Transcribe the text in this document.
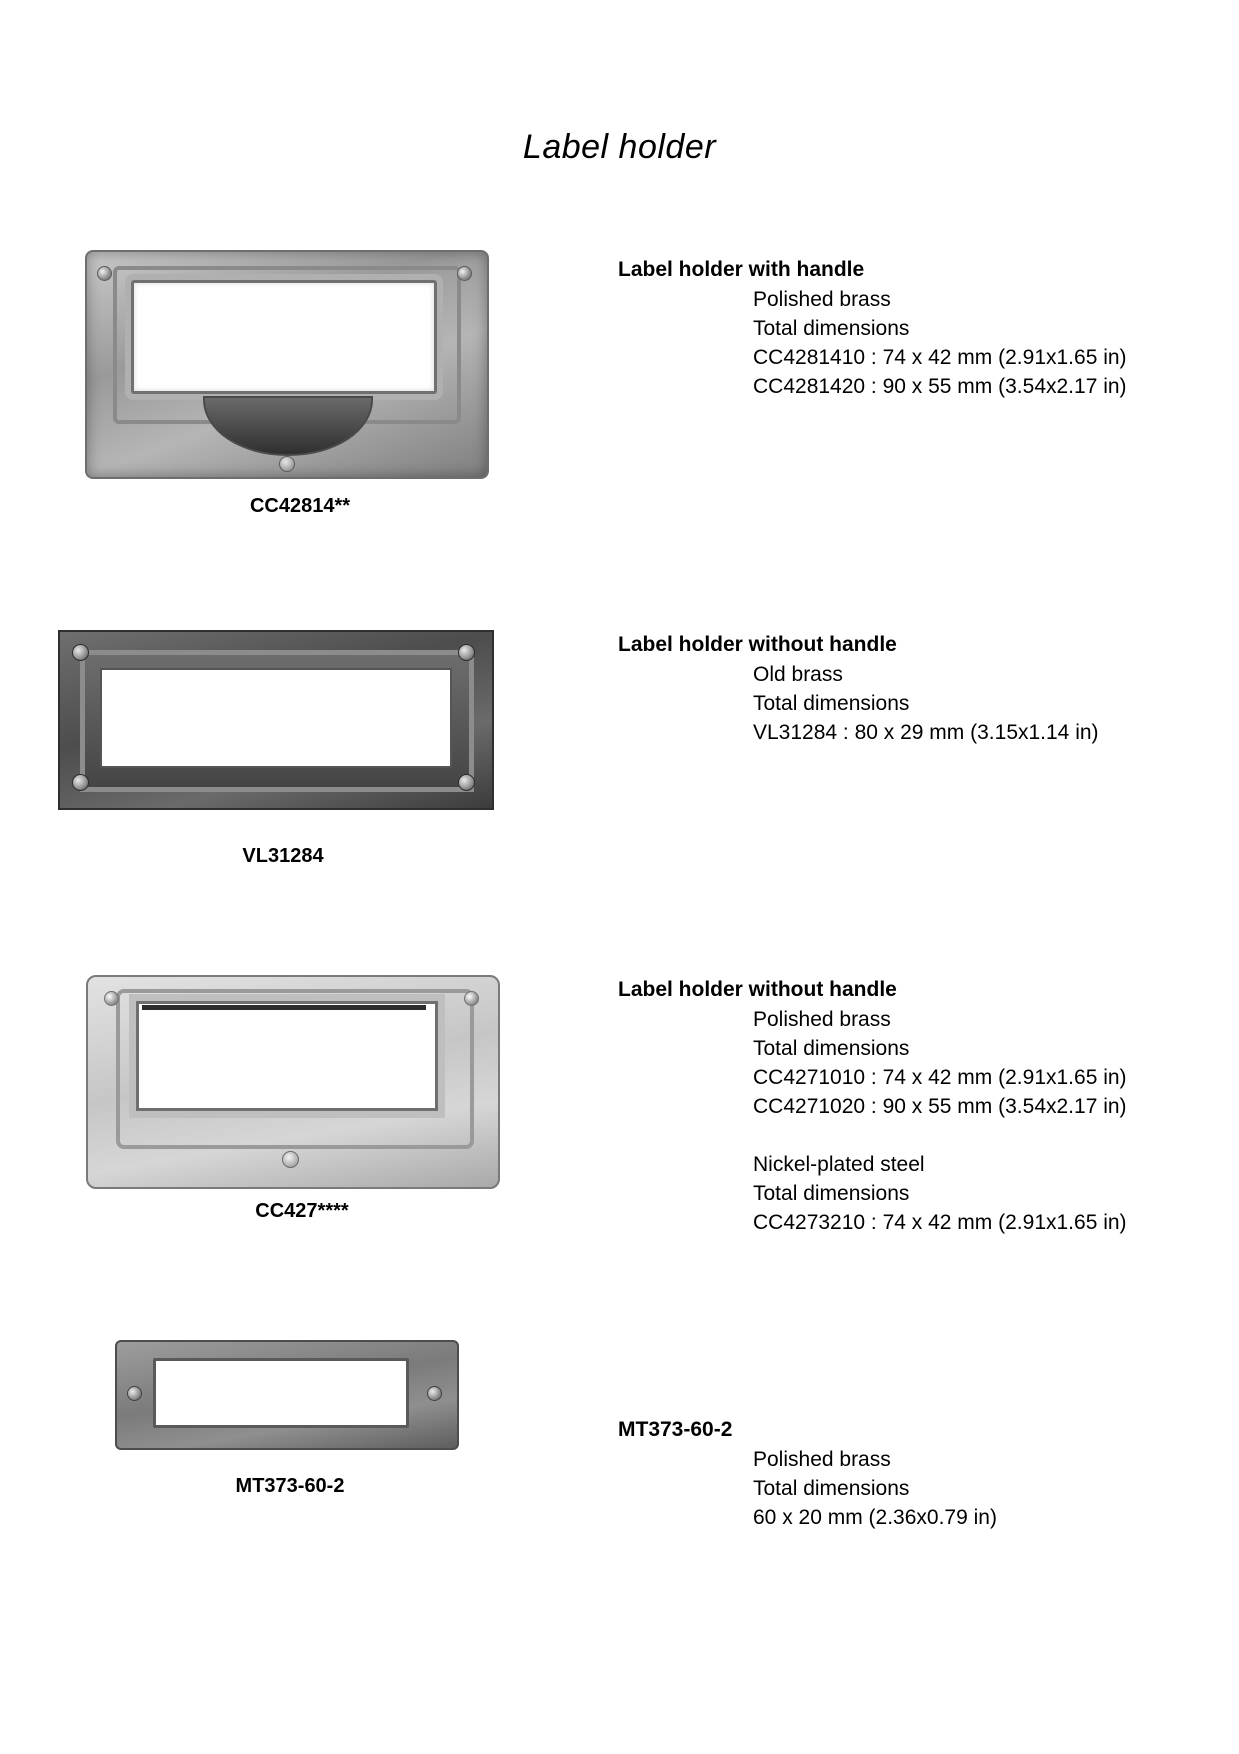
Label holder
CC42814**
Label holder with handle
Polished brass
Total dimensions
CC4281410 : 74 x 42 mm (2.91x1.65 in)
CC4281420 : 90 x 55 mm (3.54x2.17 in)
VL31284
Label holder without handle
Old brass
Total dimensions
VL31284 : 80 x 29 mm (3.15x1.14 in)
CC427****
Label holder without handle
Polished brass
Total dimensions
CC4271010 : 74 x 42 mm (2.91x1.65 in)
CC4271020 : 90 x 55 mm (3.54x2.17 in)
Nickel-plated steel
Total dimensions
CC4273210 : 74 x 42 mm (2.91x1.65 in)
MT373-60-2
MT373-60-2
Polished brass
Total dimensions
60 x 20 mm (2.36x0.79 in)
